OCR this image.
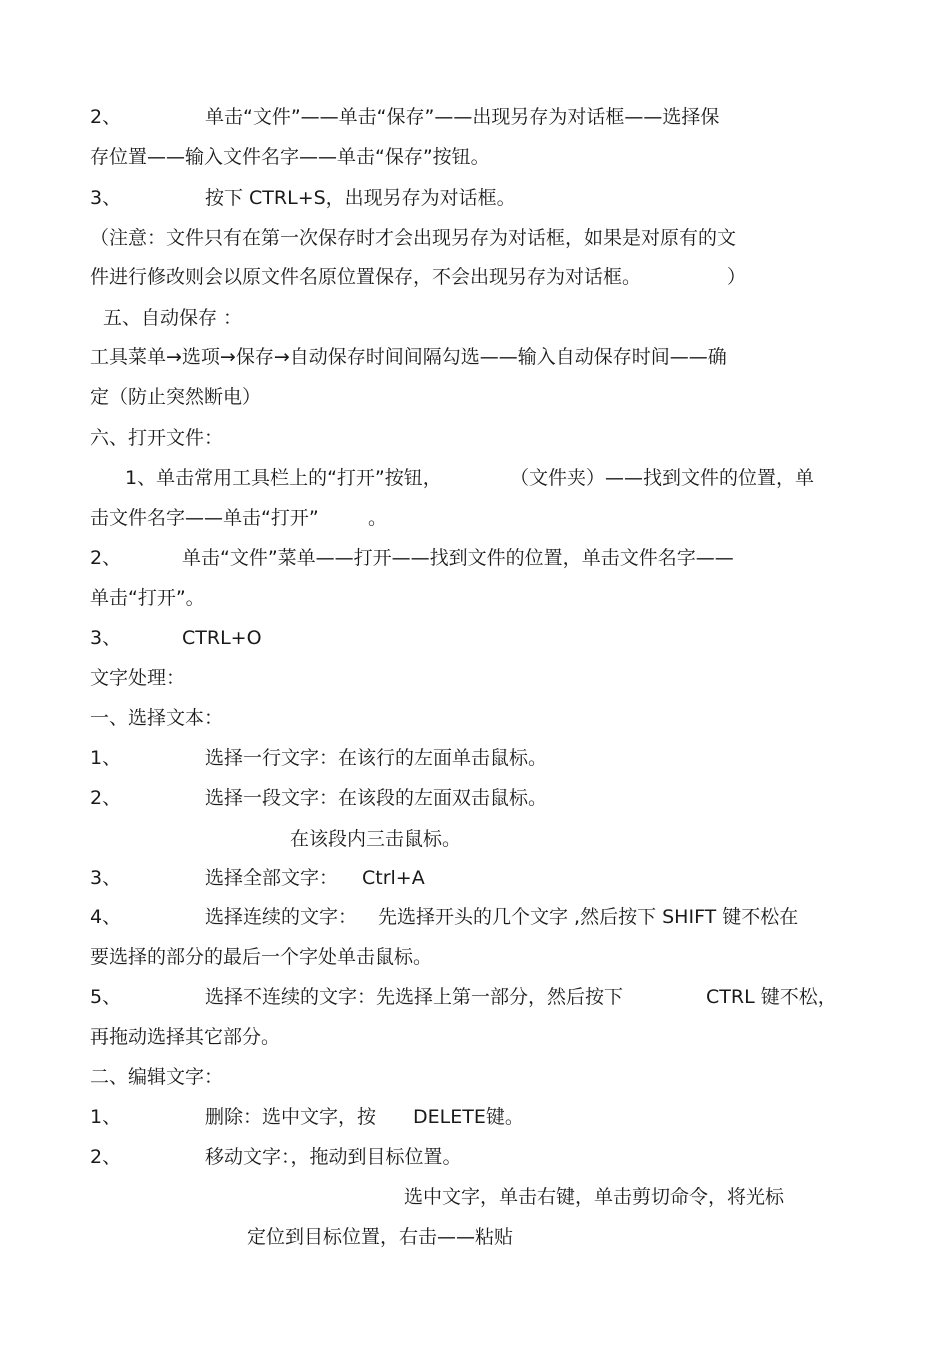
2、	单击“文件”——单击“保存”——出现另存为对话框——选择保
存位置——输入文件名字——单击“保存”按钮。
3、	按下 CTRL+S，出现另存为对话框。
（注意：文件只有在第一次保存时才会出现另存为对话框，如果是对原有的文
件进行修改则会以原文件名原位置保存，不会出现另存为对话框。	）
五、自动保存 ：
工具菜单→选项→保存→自动保存时间间隔勾选——输入自动保存时间——确
定（防止突然断电）
六、打开文件：
1、单击常用工具栏上的“打开”按钮，	（文件夹）——找到文件的位置，单
击文件名字——单击“打开”	。
2、	单击“文件”菜单——打开——找到文件的位置，单击文件名字——
单击“打开”。
3、	CTRL+O
文字处理：
一、选择文本：
1、	选择一行文字：在该行的左面单击鼠标。
2、	选择一段文字：在该段的左面双击鼠标。
在该段内三击鼠标。
3、	选择全部文字： Ctrl+A
4、	选择连续的文字： 先选择开头的几个文字 ,然后按下 SHIFT 键不松在
要选择的部分的最后一个字处单击鼠标。
5、	选择不连续的文字：先选择上第一部分，然后按下	CTRL 键不松，
再拖动选择其它部分。
二、编辑文字：
1、	删除：选中文字，按 DELETE键。
2、	移动文字：，拖动到目标位置。
选中文字，单击右键，单击剪切命令，将光标
定位到目标位置，右击——粘贴
